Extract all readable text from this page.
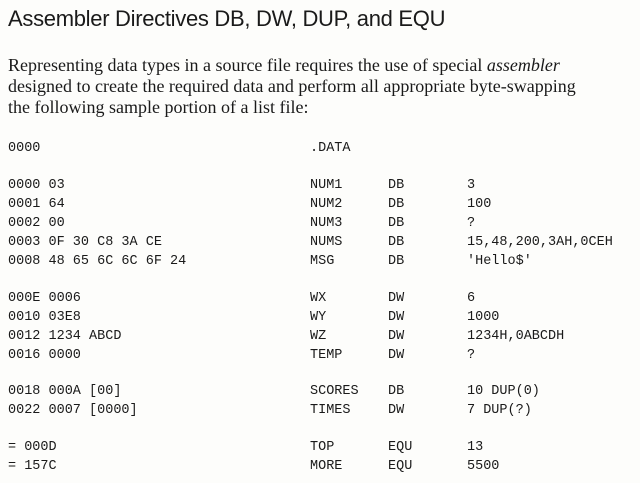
Assembler Directives DB, DW, DUP, and EQU
Representing data types in a source file requires the use of special assembler
designed to create the required data and perform all appropriate byte-swapping
the following sample portion of a list file:
0000	.DATA
0000 03	NUM1	DB	3
0001 64	NUM2	DB	100
0002 00	NUM3	DB	?
0003 0F 30 C8 3A CE	NUMS	DB	15,48,200,3AH,0CEH
0008 48 65 6C 6C 6F 24	MSG	DB	'Hello$'
000E 0006	WX	DW	6
0010 03E8	WY	DW	1000
0012 1234 ABCD	WZ	DW	1234H,0ABCDH
0016 0000	TEMP	DW	?
0018 000A [00]	SCORES DB	10 DUP(0)
0022 0007 [0000]	TIMES	DW	7 DUP(?)
= 000D	TOP	EQU	13
= 157C	MORE	EQU	5500
